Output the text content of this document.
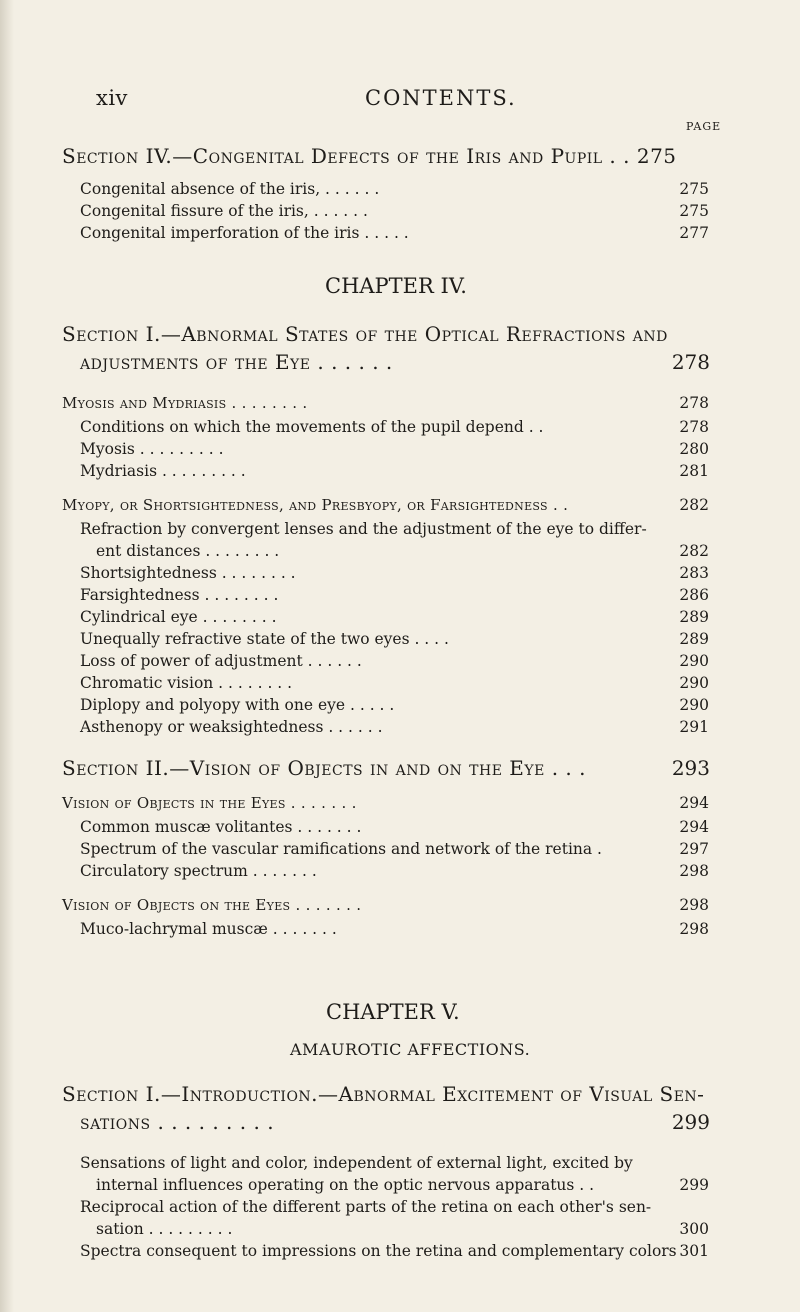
xiv	CONTENTS.
PAGE
Section IV.—Congenital Defects of the Iris and Pupil . . 275
Congenital absence of the iris, . . . . . .	275
Congenital fissure of the iris, . . . . . .	275
Congenital imperforation of the iris . . . . .	277
CHAPTER IV.
Section I.—Abnormal States of the Optical Refractions and
adjustments of the Eye . . . . . .	278
Myosis and Mydriasis . . . . . . . .	278
Conditions on which the movements of the pupil depend . .	278
Myosis . . . . . . . . .	280
Mydriasis . . . . . . . . .	281
Myopy, or Shortsightedness, and Presbyopy, or Farsightedness . .	282
Refraction by convergent lenses and the adjustment of the eye to differ-
ent distances . . . . . . . .	282
Shortsightedness . . . . . . . .	283
Farsightedness . . . . . . . .	286
Cylindrical eye . . . . . . . .	289
Unequally refractive state of the two eyes . . . .	289
Loss of power of adjustment . . . . . .	290
Chromatic vision . . . . . . . .	290
Diplopy and polyopy with one eye . . . . .	290
Asthenopy or weaksightedness . . . . . .	291
Section II.—Vision of Objects in and on the Eye . . .	293
Vision of Objects in the Eyes . . . . . . .	294
Common muscæ volitantes . . . . . . .	294
Spectrum of the vascular ramifications and network of the retina .	297
Circulatory spectrum . . . . . . .	298
Vision of Objects on the Eyes . . . . . . .	298
Muco-lachrymal muscæ . . . . . . .	298
CHAPTER V.
AMAUROTIC AFFECTIONS.
Section I.—Introduction.—Abnormal Excitement of Visual Sen-
sations . . . . . . . . .	299
Sensations of light and color, independent of external light, excited by
internal influences operating on the optic nervous apparatus . .	299
Reciprocal action of the different parts of the retina on each other's sen-
sation . . . . . . . . .	300
Spectra consequent to impressions on the retina and complementary colors 301
